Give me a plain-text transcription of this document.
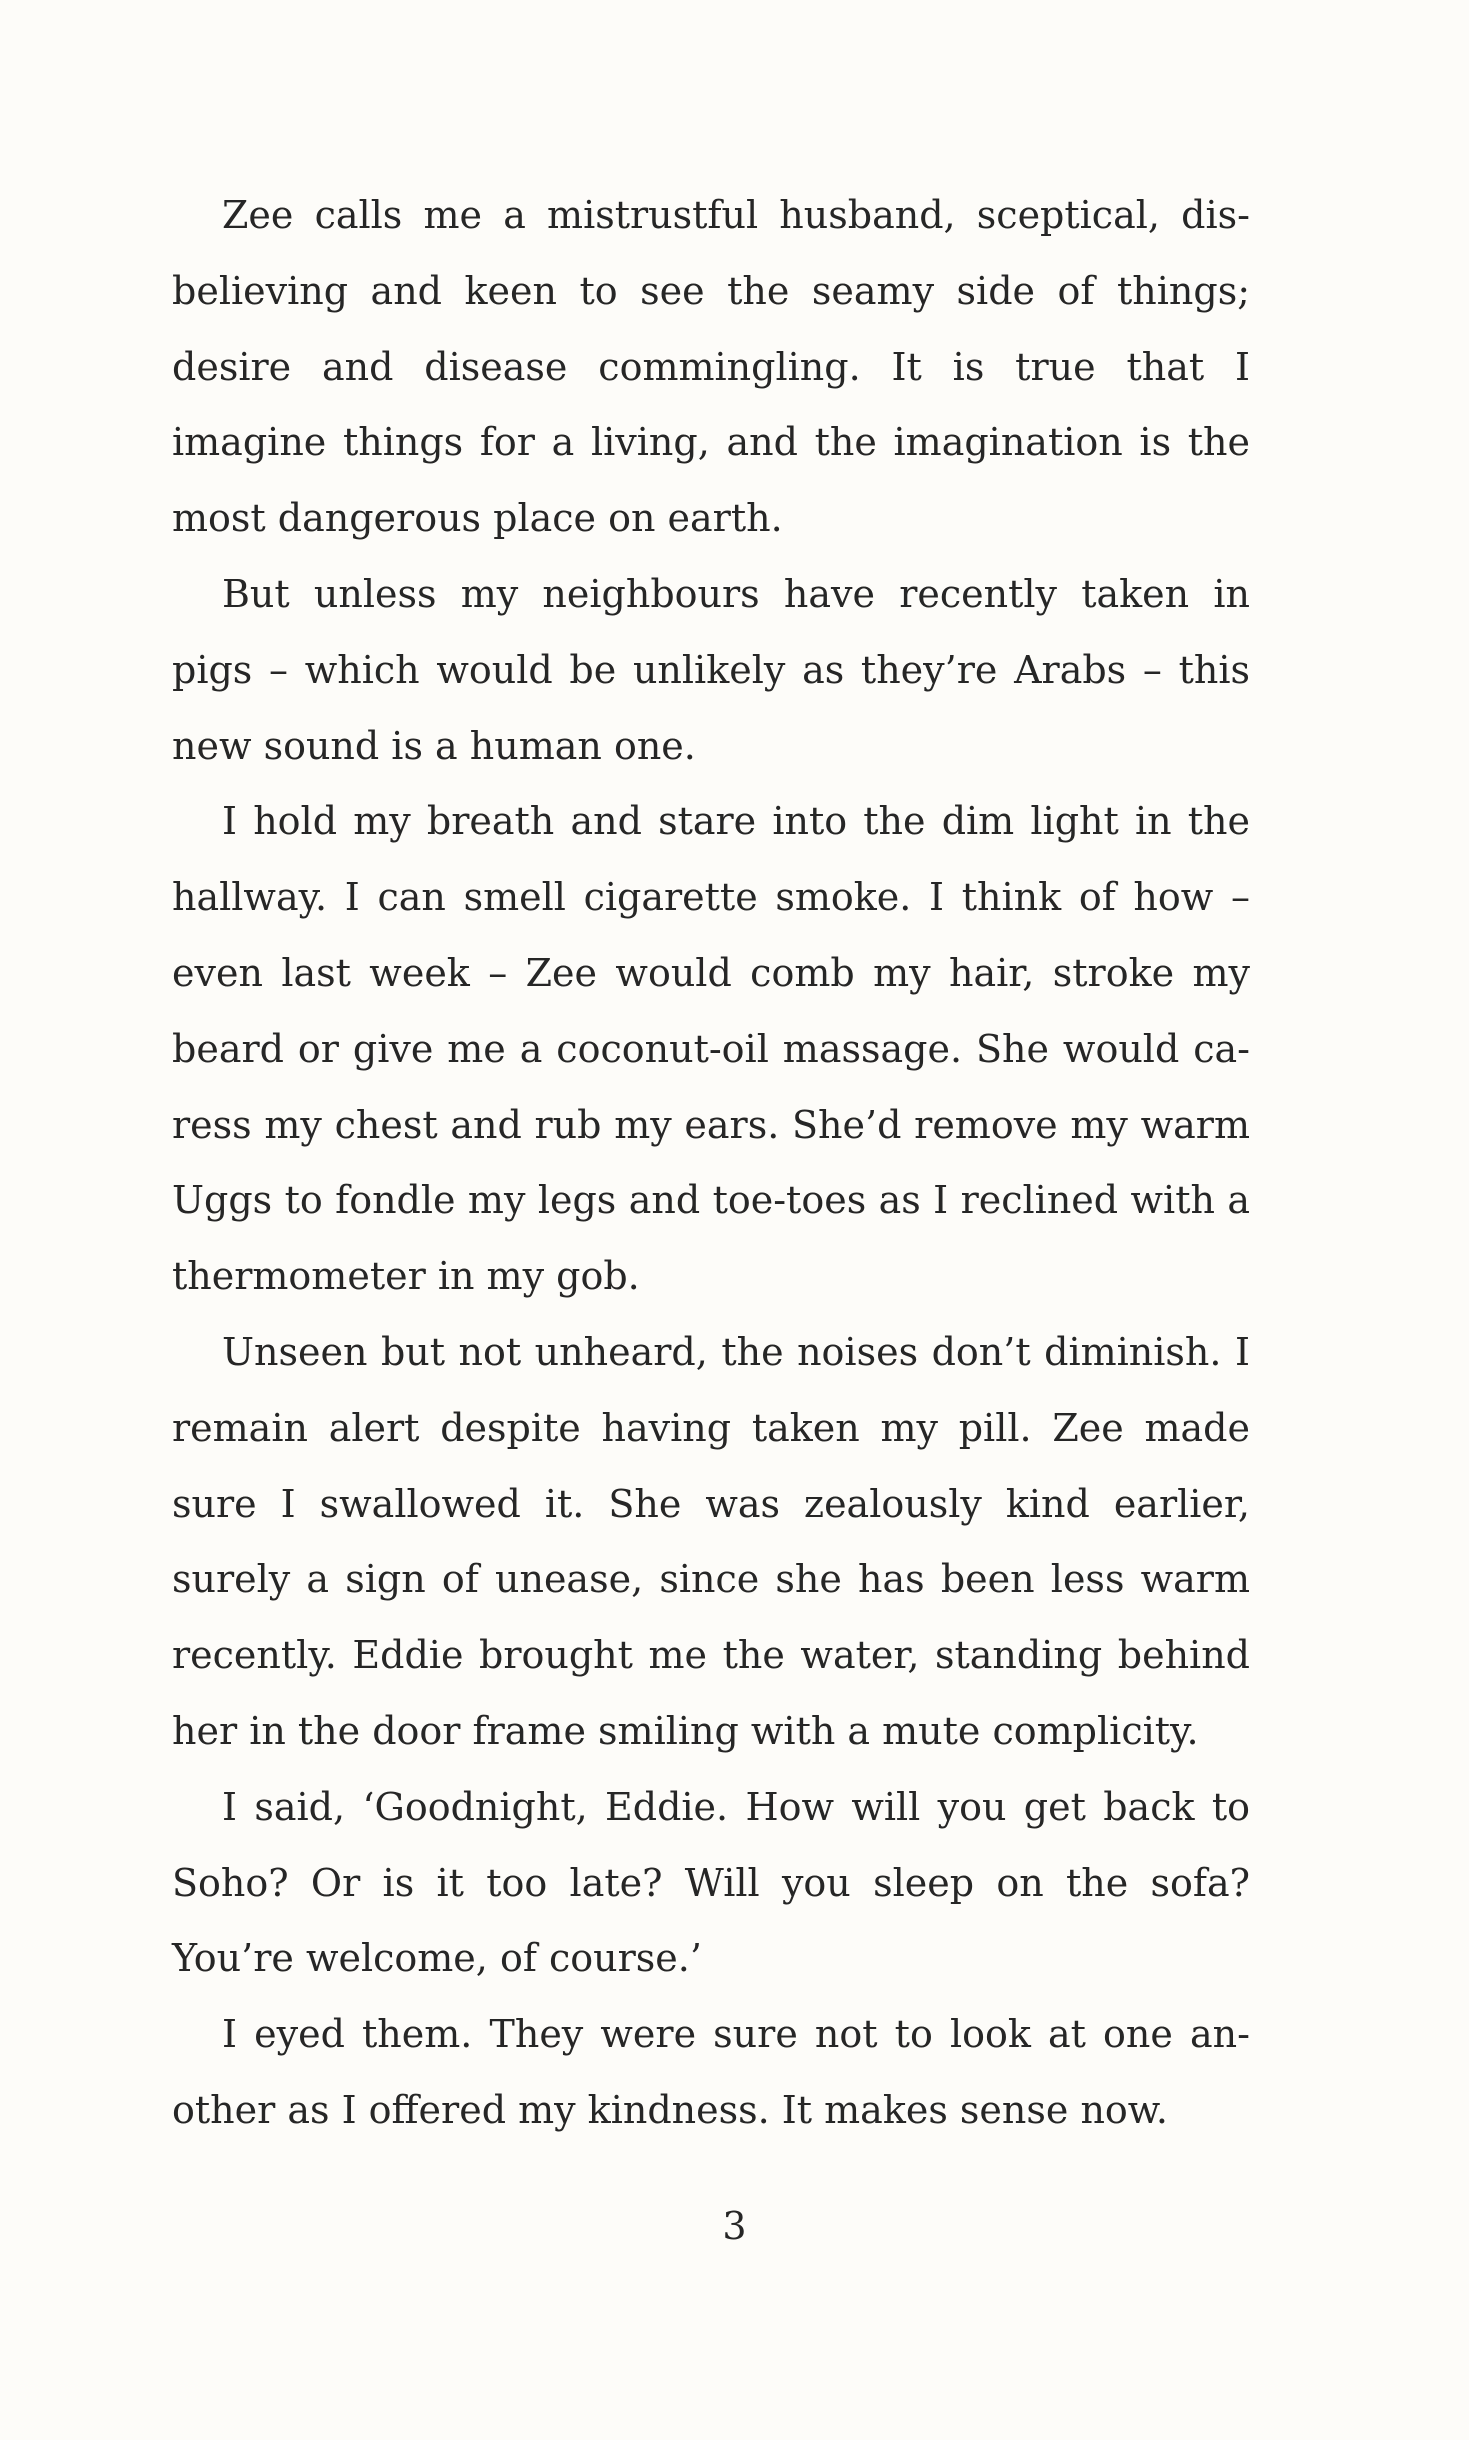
Zee calls me a mistrustful husband, sceptical, disbelieving and keen to see the seamy side of things; desire and disease commingling. It is true that I imagine things for a living, and the imagination is the most dangerous place on earth.

But unless my neighbours have recently taken in pigs – which would be unlikely as they’re Arabs – this new sound is a human one.

I hold my breath and stare into the dim light in the hallway. I can smell cigarette smoke. I think of how – even last week – Zee would comb my hair, stroke my beard or give me a coconut-oil massage. She would caress my chest and rub my ears. She’d remove my warm Uggs to fondle my legs and toe-toes as I reclined with a thermometer in my gob.

Unseen but not unheard, the noises don’t diminish. I remain alert despite having taken my pill. Zee made sure I swallowed it. She was zealously kind earlier, surely a sign of unease, since she has been less warm recently. Eddie brought me the water, standing behind her in the door frame smiling with a mute complicity.

I said, ‘Goodnight, Eddie. How will you get back to Soho? Or is it too late? Will you sleep on the sofa? You’re welcome, of course.’

I eyed them. They were sure not to look at one another as I offered my kindness. It makes sense now.

3
